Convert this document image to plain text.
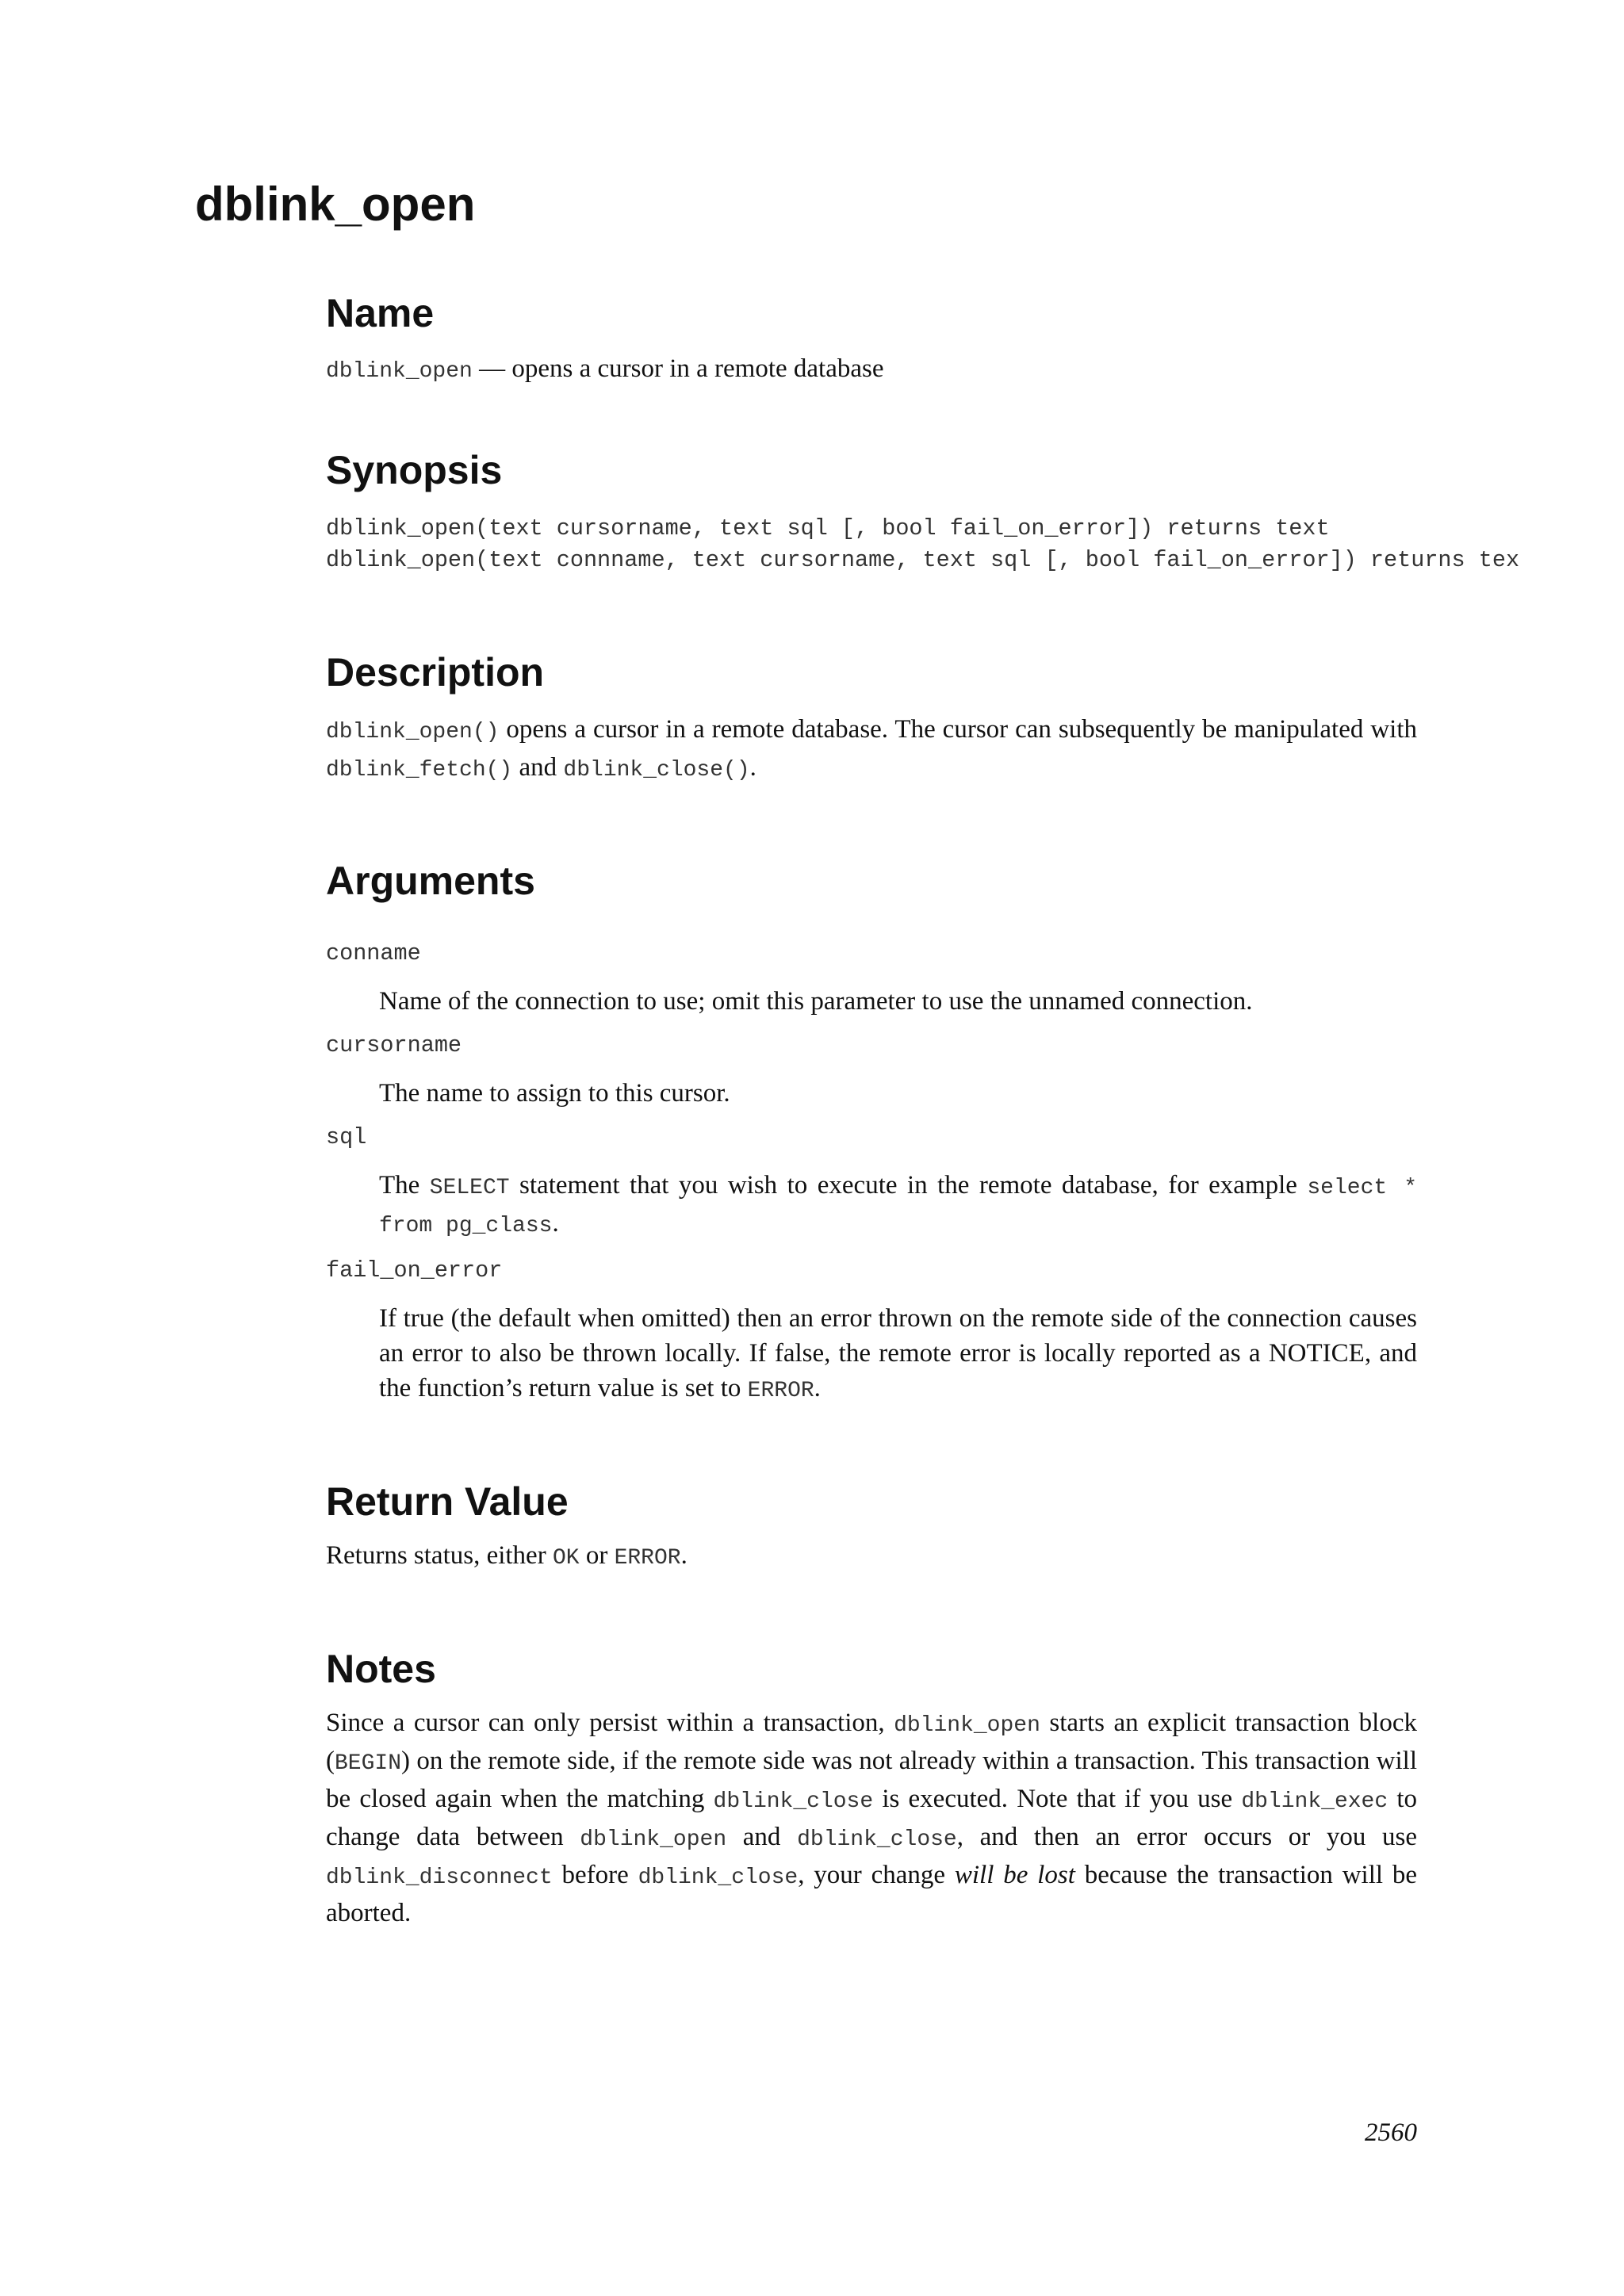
dblink_open
Name

dblink_open — opens a cursor in a remote database

Synopsis
dblink_open(text cursorname, text sql [, bool fail_on_error]) returns text
dblink_open(text connname, text cursorname, text sql [, bool fail_on_error]) returns tex
Description

dblink_open() opens a cursor in a remote database. The cursor can subsequently be manipulated with dblink_fetch() and dblink_close().

Arguments
conname

Name of the connection to use; omit this parameter to use the unnamed connection.

cursorname

The name to assign to this cursor.

sql

The SELECT statement that you wish to execute in the remote database, for example select * from pg_class.

fail_on_error

If true (the default when omitted) then an error thrown on the remote side of the connection causes an error to also be thrown locally. If false, the remote error is locally reported as a NOTICE, and the function’s return value is set to ERROR.

Return Value

Returns status, either OK or ERROR.

Notes

Since a cursor can only persist within a transaction, dblink_open starts an explicit transaction block (BEGIN) on the remote side, if the remote side was not already within a transaction. This transaction will be closed again when the matching dblink_close is executed. Note that if you use dblink_exec to change data between dblink_open and dblink_close, and then an error occurs or you use dblink_disconnect before dblink_close, your change will be lost because the transaction will be aborted.

2560
